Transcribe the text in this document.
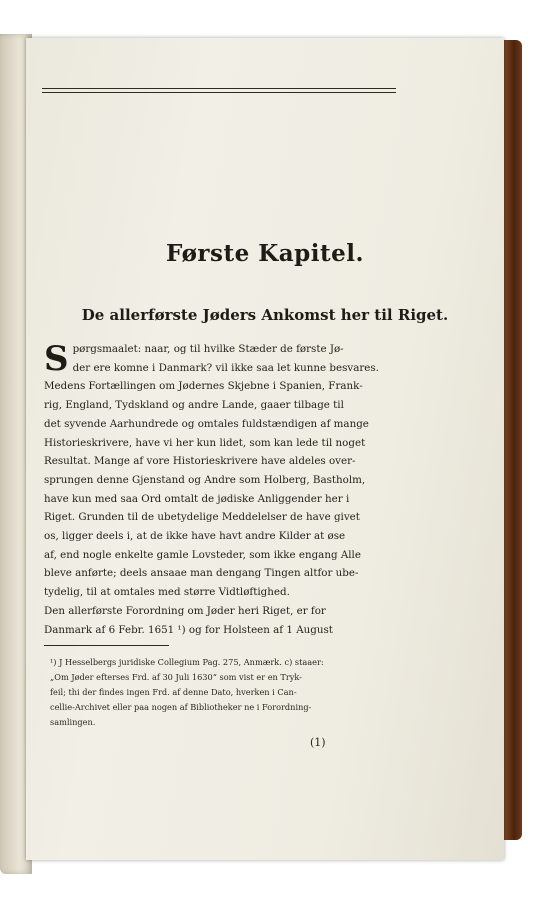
Første Kapitel.
De allerførste Jøders Ankomst her til Riget.
S pørgsmaalet: naar, og til hvilke Stæder de første Jø-
der ere komne i Danmark? vil ikke saa let kunne besvares.
Medens Fortællingen om Jødernes Skjebne i Spanien, Frank-
rig, England, Tydskland og andre Lande, gaaer tilbage til
det syvende Aarhundrede og omtales fuldstændigen af mange
Historieskrivere, have vi her kun lidet, som kan lede til noget
Resultat. Mange af vore Historieskrivere have aldeles over-
sprungen denne Gjenstand og Andre som Holberg, Bastholm,
have kun med saa Ord omtalt de jødiske Anliggender her i
Riget. Grunden til de ubetydelige Meddelelser de have givet
os, ligger deels i, at de ikke have havt andre Kilder at øse
af, end nogle enkelte gamle Lovsteder, som ikke engang Alle
bleve anførte; deels ansaae man dengang Tingen altfor ube-
tydelig, til at omtales med større Vidtløftighed.
Den allerførste Forordning om Jøder heri Riget, er for
Danmark af 6 Febr. 1651 ¹) og for Holsteen af 1 August
¹) J Hesselbergs juridiske Collegium Pag. 275, Anmærk. c) staaer:
„Om Jøder efterses Frd. af 30 Juli 1630“ som vist er en Tryk-
feil; thi der findes ingen Frd. af denne Dato, hverken i Can-
cellie-Archivet eller paa nogen af Bibliotheker ne i Forordning-
samlingen.
(1)
